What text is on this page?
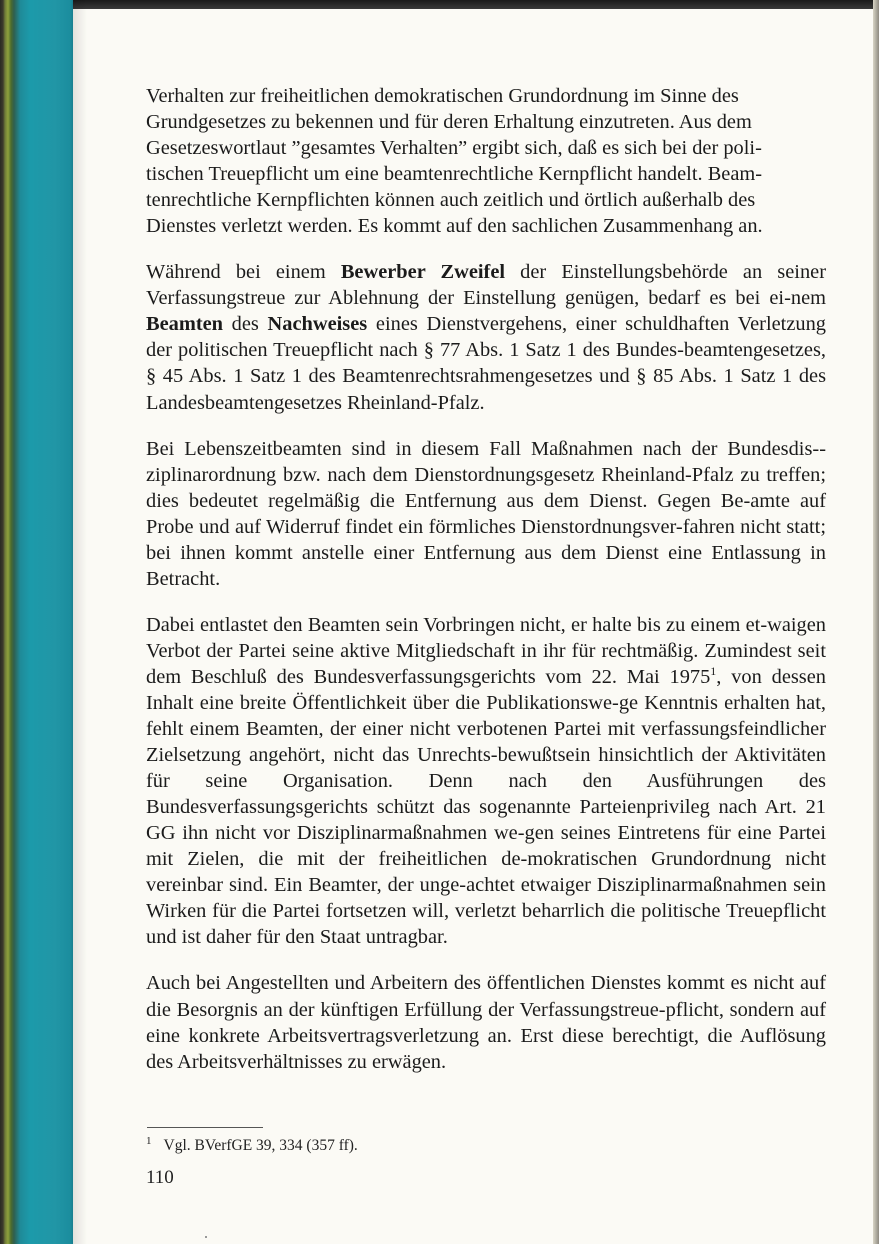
Verhalten zur freiheitlichen demokratischen Grundordnung im Sinne des
Grundgesetzes zu bekennen und für deren Erhaltung einzutreten. Aus dem
Gesetzeswortlaut ”gesamtes Verhalten” ergibt sich, daß es sich bei der poli-
tischen Treuepflicht um eine beamtenrechtliche Kernpflicht handelt. Beam-
tenrechtliche Kernpflichten können auch zeitlich und örtlich außerhalb des
Dienstes verletzt werden. Es kommt auf den sachlichen Zusammenhang an.

Während bei einem Bewerber Zweifel der Einstellungsbehörde an seiner Verfassungstreue zur Ablehnung der Einstellung genügen, bedarf es bei ei-nem Beamten des Nachweises eines Dienstvergehens, einer schuldhaften Verletzung der politischen Treuepflicht nach § 77 Abs. 1 Satz 1 des Bundes-beamtengesetzes, § 45 Abs. 1 Satz 1 des Beamtenrechtsrahmengesetzes und § 85 Abs. 1 Satz 1 des Landesbeamtengesetzes Rheinland-Pfalz.

Bei Lebenszeitbeamten sind in diesem Fall Maßnahmen nach der Bundesdis-ziplinarordnung bzw. nach dem Dienstordnungsgesetz Rheinland-Pfalz zu treffen; dies bedeutet regelmäßig die Entfernung aus dem Dienst. Gegen Be-amte auf Probe und auf Widerruf findet ein förmliches Dienstordnungsver-fahren nicht statt; bei ihnen kommt anstelle einer Entfernung aus dem Dienst eine Entlassung in Betracht.

Dabei entlastet den Beamten sein Vorbringen nicht, er halte bis zu einem et-waigen Verbot der Partei seine aktive Mitgliedschaft in ihr für rechtmäßig. Zumindest seit dem Beschluß des Bundesverfassungsgerichts vom 22. Mai 1975$^1$, von dessen Inhalt eine breite Öffentlichkeit über die Publikationswe-ge Kenntnis erhalten hat, fehlt einem Beamten, der einer nicht verbotenen Partei mit verfassungsfeindlicher Zielsetzung angehört, nicht das Unrechts-bewußtsein hinsichtlich der Aktivitäten für seine Organisation. Denn nach den Ausführungen des Bundesverfassungsgerichts schützt das sogenannte Parteienprivileg nach Art. 21 GG ihn nicht vor Disziplinarmaßnahmen we-gen seines Eintretens für eine Partei mit Zielen, die mit der freiheitlichen de-mokratischen Grundordnung nicht vereinbar sind. Ein Beamter, der unge-achtet etwaiger Disziplinarmaßnahmen sein Wirken für die Partei fortsetzen will, verletzt beharrlich die politische Treuepflicht und ist daher für den Staat untragbar.

Auch bei Angestellten und Arbeitern des öffentlichen Dienstes kommt es nicht auf die Besorgnis an der künftigen Erfüllung der Verfassungstreue-pflicht, sondern auf eine konkrete Arbeitsvertragsverletzung an. Erst diese berechtigt, die Auflösung des Arbeitsverhältnisses zu erwägen.

$^1$ Vgl. BVerfGE 39, 334 (357 ff).
110
